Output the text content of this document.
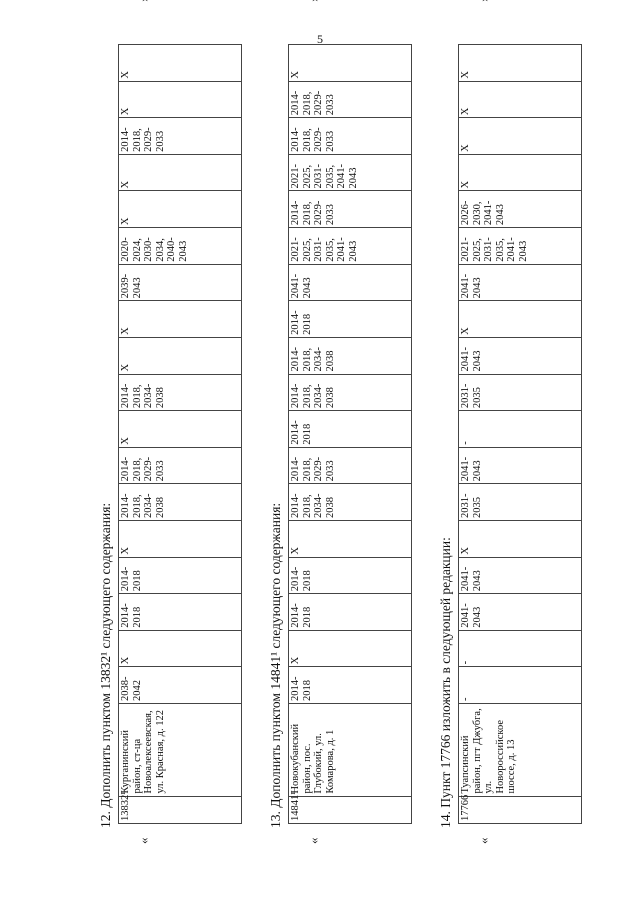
5
12. Дополнить пунктом 13832¹ следующего содержания:
«
13832¹	Курганинский район, ст-ца Новоалексеевская, ул. Красная, д. 122	2038-2042	X	2014-2018	2014-2018	X	2014-2018, 2034-2038	2014-2018, 2029-2033	X	2014-2018, 2034-2038	X	X	2039-2043	2020-2024, 2030-2034, 2040-2043	X	X	2014-2018, 2029-2033	X	X
13. Дополнить пунктом 14841¹ следующего содержания:
«
14841¹	Новокубанский район, пос. Глубокий, ул. Комарова, д. 1	2014-2018	X	2014-2018	2014-2018	X	2014-2018, 2034-2038	2014-2018, 2029-2033	2014-2018	2014-2018, 2034-2038	2014-2018, 2034-2038	2014-2018	2041-2043	2021-2025, 2031-2035, 2041-2043	2014-2018, 2029-2033	2021-2025, 2031-2035, 2041-2043	2014-2018, 2029-2033	2014-2018, 2029-2033	X
14. Пункт 17766 изложить в следующей редакции:
«
17766	Туапсинский район, пгт Джубга, ул. Новороссийское шоссе, д. 13	-	-	2041-2043	2041-2043	X	2031-2035	2041-2043	-	2031-2035	2041-2043	X	2041-2043	2021-2025, 2031-2035, 2041-2043	2026-2030, 2041-2043	X	X	X	X
